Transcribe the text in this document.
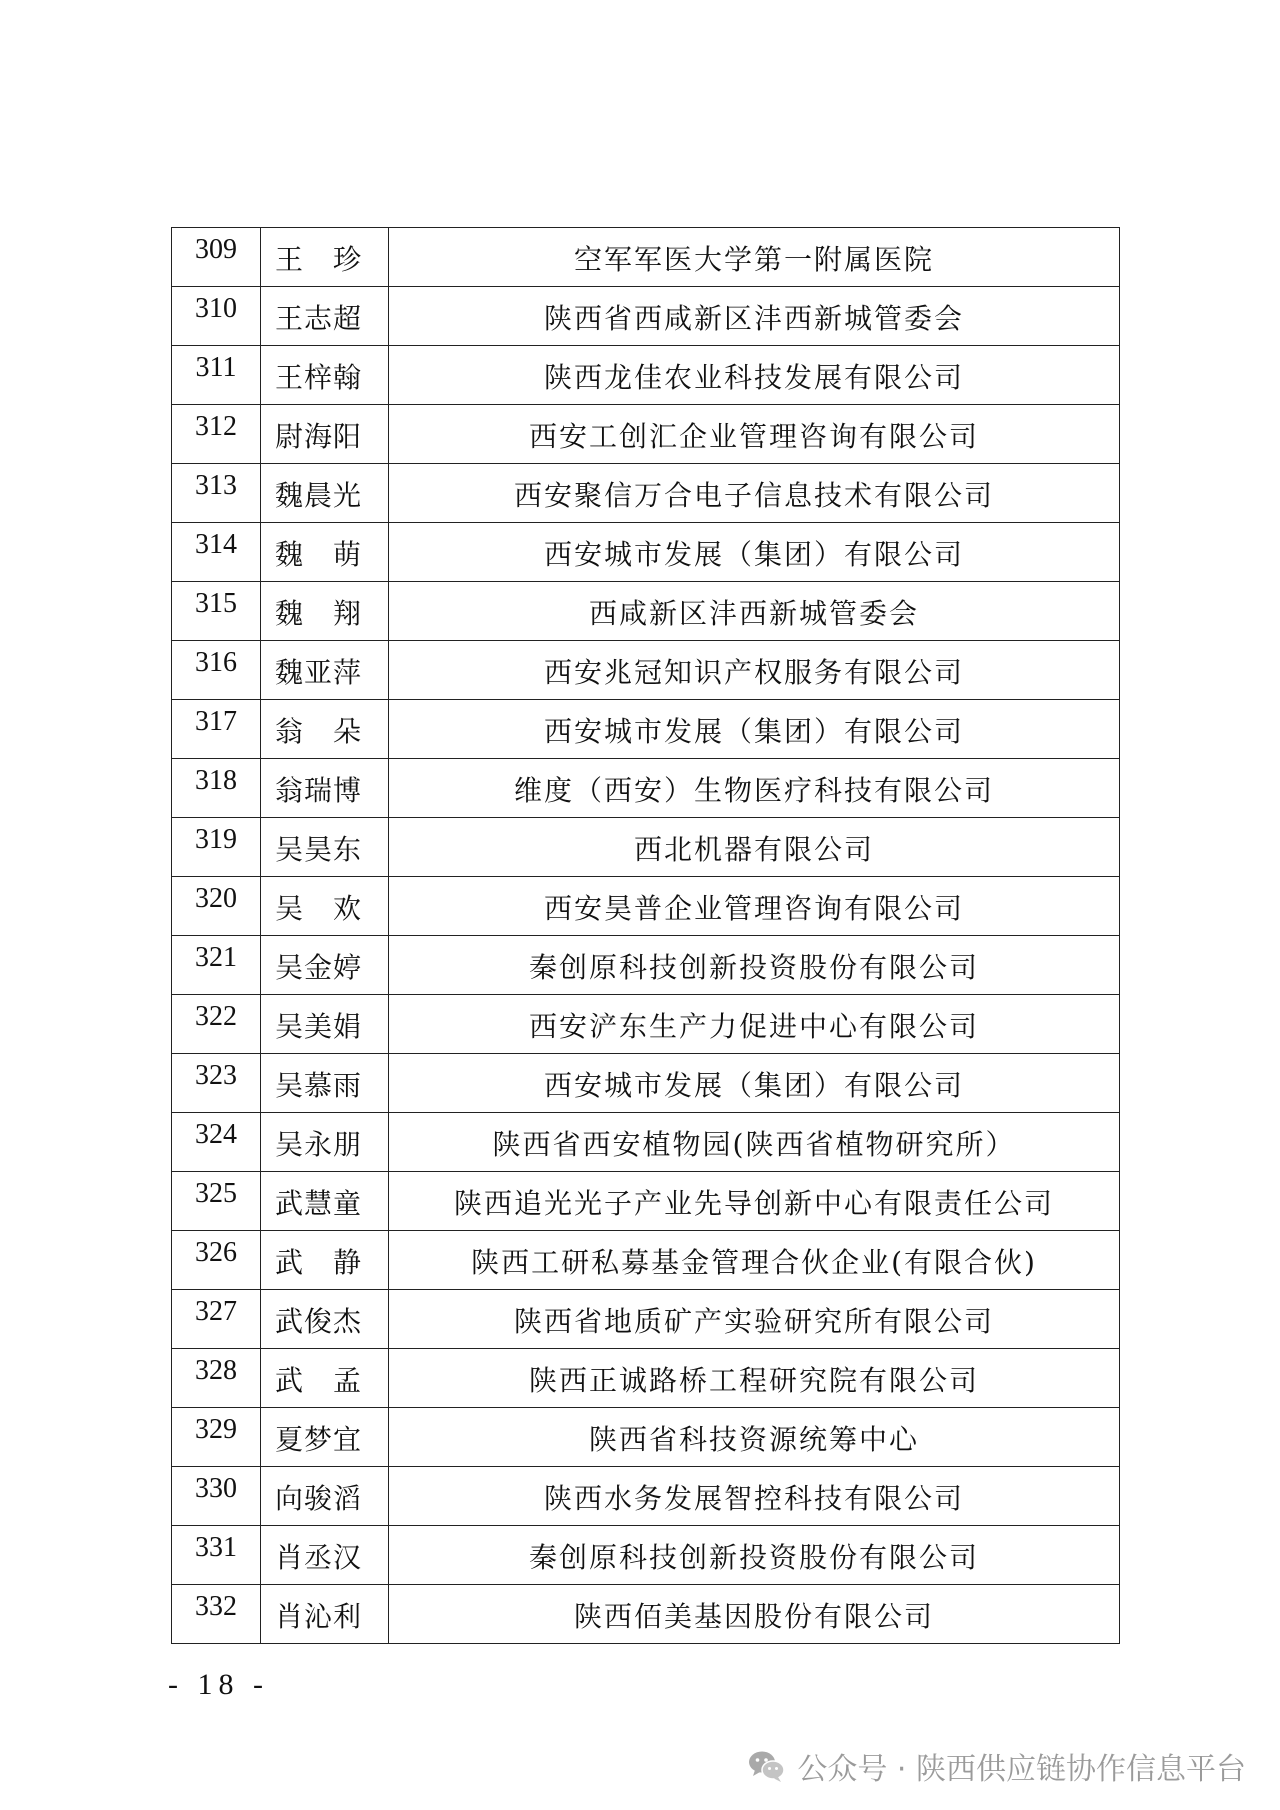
309	王　珍	空军军医大学第一附属医院
310	王志超	陕西省西咸新区沣西新城管委会
311	王梓翰	陕西龙佳农业科技发展有限公司
312	尉海阳	西安工创汇企业管理咨询有限公司
313	魏晨光	西安聚信万合电子信息技术有限公司
314	魏　萌	西安城市发展（集团）有限公司
315	魏　翔	西咸新区沣西新城管委会
316	魏亚萍	西安兆冠知识产权服务有限公司
317	翁　朵	西安城市发展（集团）有限公司
318	翁瑞博	维度（西安）生物医疗科技有限公司
319	吴昊东	西北机器有限公司
320	吴　欢	西安昊普企业管理咨询有限公司
321	吴金婷	秦创原科技创新投资股份有限公司
322	吴美娟	西安浐东生产力促进中心有限公司
323	吴慕雨	西安城市发展（集团）有限公司
324	吴永朋	陕西省西安植物园(陕西省植物研究所）
325	武慧童	陕西追光光子产业先导创新中心有限责任公司
326	武　静	陕西工研私募基金管理合伙企业(有限合伙)
327	武俊杰	陕西省地质矿产实验研究所有限公司
328	武　孟	陕西正诚路桥工程研究院有限公司
329	夏梦宜	陕西省科技资源统筹中心
330	向骏滔	陕西水务发展智控科技有限公司
331	肖丞汉	秦创原科技创新投资股份有限公司
332	肖沁利	陕西佰美基因股份有限公司
- 18 -
公众号 · 陕西供应链协作信息平台
